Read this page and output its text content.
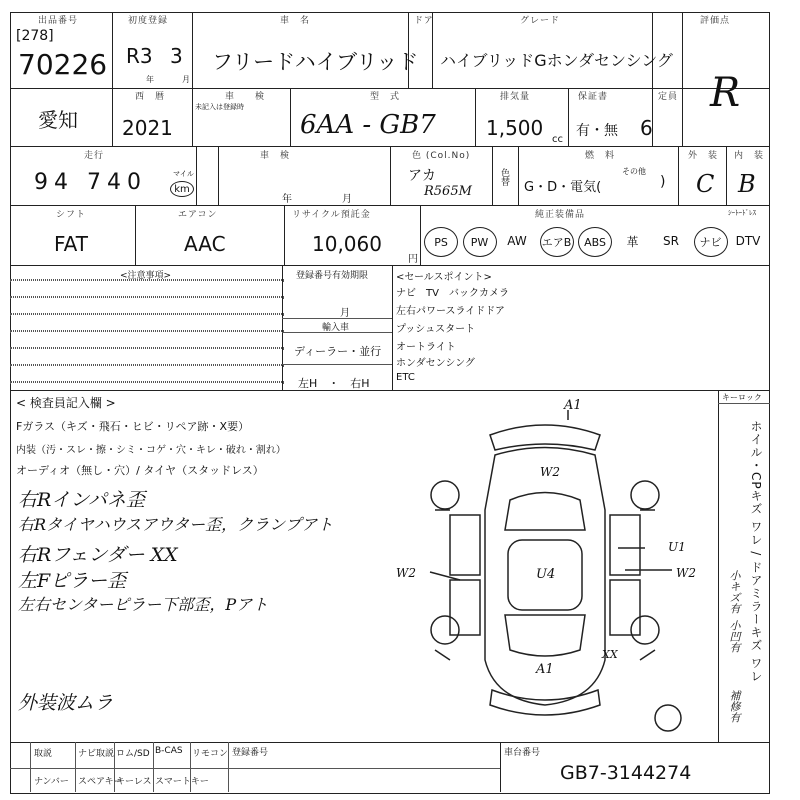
出品番号
[278]
70226
初度登録
R3 3
年	月
車　名
フリードハイブリッド
ドア	グレード
ハイブリッドGホンダセンシング
評価点
R
愛知
西　暦
2021
車　　検
未記入は登録時
型　式
6AA - GB7
排気量
1,500 cc
保証書
有・無
定員
6
走行
94 740	マイル
km
車　検
年	月
色 (Col.No)
アカ
R565M
色替
燃　料
G・D・電気(
その他
)
外　装
C
内　装
B
シフト
FAT
エアコン
AAC
リサイクル預託金
10,060
円
純正装備品	ｼｰﾄｰﾄﾞﾚｽ
PS	PW	AW	エアB	ABS	革	SR	ナビ	DTV
<注意事項>	登録番号有効期限
月
輸入車
ディーラー・並行
左H　・　右H
<セールスポイント>
ナビ　TV　バックカメラ
左右パワースライドドア
プッシュスタート
オートライト
ホンダセンシング
ETC
< 検査員記入欄 >
Fガラス（キズ・飛石・ヒビ・リペア跡・X要）
内装（汚・スレ・擦・シミ・コゲ・穴・キレ・破れ・割れ）
オーディオ（無し・穴）/ タイヤ（スタッドレス）
右Rインパネ歪
右Rタイヤハウスアウター歪，クランプアト
右Rフェンダー XX
左Fピラー歪
左右センターピラー下部歪，Pアト
外装波ムラ
キーロック
ホイル・CPキズ ワレ / ドアミラーキズ ワレ
小キズ有
小凹有
補修有
A1
W2
U1
U4
W2	W2
A1
XX
取説	ナビ取説 ロム/SD B-CAS リモコン
ナンバー スペアキー
キーレス スマートキー
登録番号	車台番号
GB7-3144274
